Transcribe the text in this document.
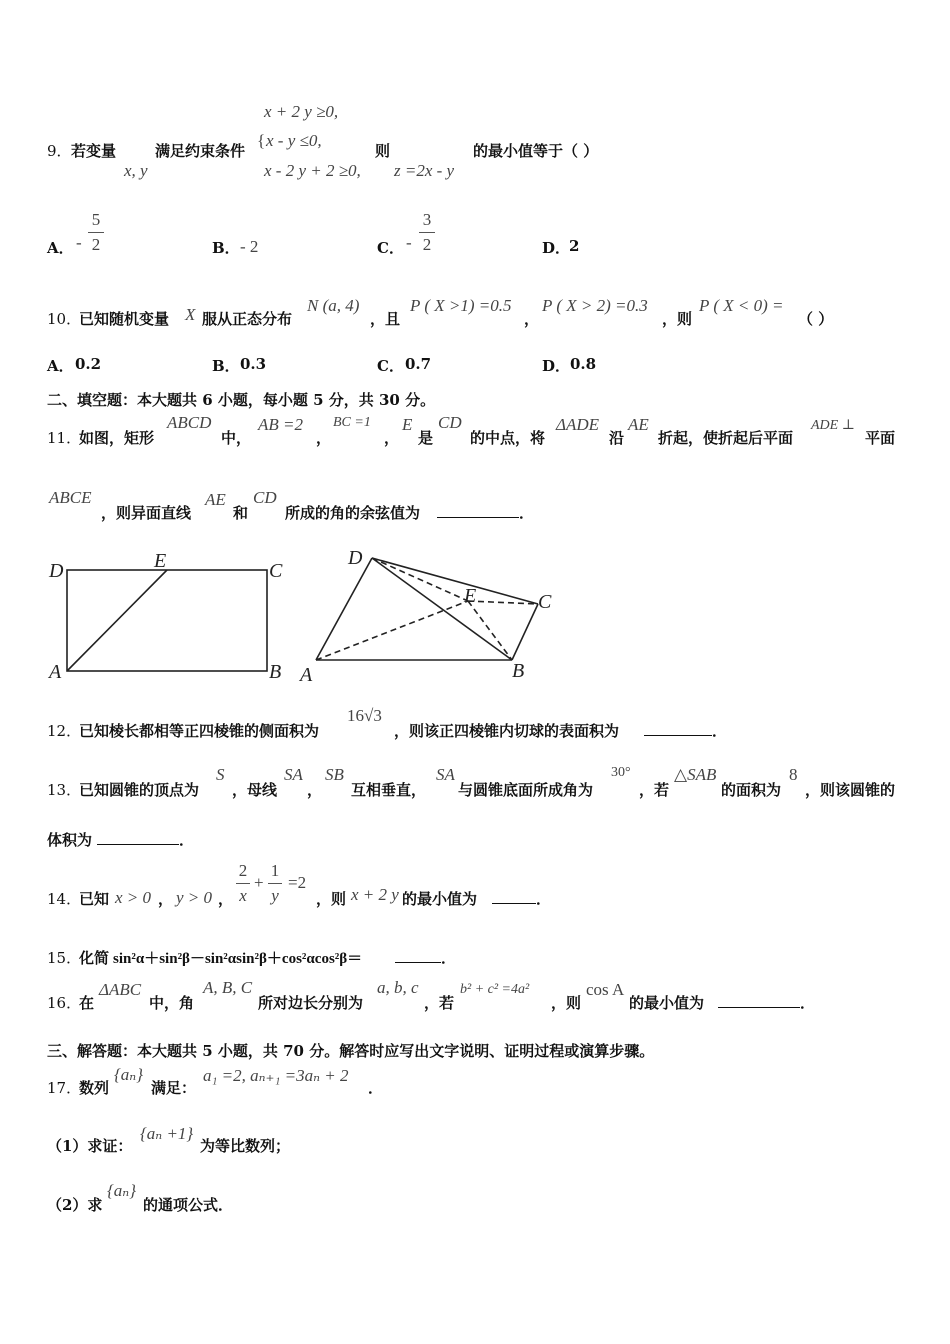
x + 2 y ≥0,
{ x - y ≤0,
x - 2 y + 2 ≥0,
9． 若变量
x, y
满足约束条件	则
z =2x - y
的最小值等于（ ）
A． -
5
2	B． - 2	C． -
3
2	D．
2
10．
已知随机变量 X 服从正态分布
N (a, 4)
，且
P ( X >1) =0.5
，
P ( X > 2) =0.3
，则
P ( X < 0) =
（ ）
A． 0.2	B． 0.3	C． 0.7	D． 0.8
二、填空题：本大题共 6 小题，每小题 5 分，共 30 分。
11．
如图，矩形
ABCD
中，
AB =2
，
BC =1
，
E
是
CD
的中点，将
ΔADE
沿
AE
折起，使折起后平面
ADE ⊥
平面
ABCE
，则异面直线
AE
和
CD
所成的角的余弦值为	．
D	E	C
A	B
D
E	C
A	B
12．
已知棱长都相等正四棱锥的侧面积为
16√3
，则该正四棱锥内切球的表面积为	．
13．
已知圆锥的顶点为
S
，母线
SA
，
SB
互相垂直，
SA
与圆锥底面所成角为
30°
，若
△SAB
的面积为
8
，则该圆锥的
体积为	．
14．
已知 x > 0 ， y > 0 ，
2
x
+
1
y
=2
，则 x + 2 y 的最小值为	．
15．
化简 sin²α＋sin²β－sin²αsin²β＋cos²αcos²β＝	．
16．
在
ΔABC
中，角
A, B, C
所对边长分别为
a, b, c
，若
b² + c² =4a²
，则
cos A
的最小值为	．
三、解答题：本大题共 5 小题，共 70 分。解答时应写出文字说明、证明过程或演算步骤。
17．
数列
{aₙ}
满足：
a₁ =2, aₙ₊₁ =3aₙ + 2
．
（1）求证：
{aₙ +1}
为等比数列；
（2）求
{aₙ}
的通项公式．
